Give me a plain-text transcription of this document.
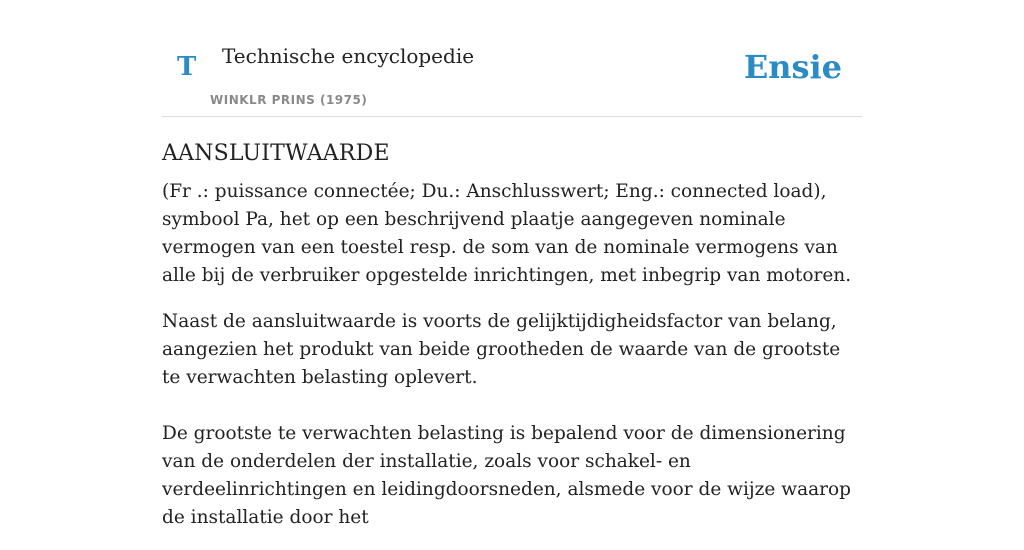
T Technische encyclopedie
WINKLR PRINS (1975)
Ensie
AANSLUITWAARDE

(Fr .: puissance connectée; Du.: Anschlusswert; Eng.: connected load), symbool Pa, het op een beschrijvend plaatje aangegeven nominale vermogen van een toestel resp. de som van de nominale vermogens van alle bij de verbruiker opgestelde inrichtingen, met inbegrip van motoren.

Naast de aansluitwaarde is voorts de gelijktijdigheidsfactor van belang, aangezien het produkt van beide grootheden de waarde van de grootste te verwachten belasting oplevert.

De grootste te verwachten belasting is bepalend voor de dimensionering van de onderdelen der installatie, zoals voor schakel- en verdeelinrichtingen en leidingdoorsneden, alsmede voor de wijze waarop de installatie door het
